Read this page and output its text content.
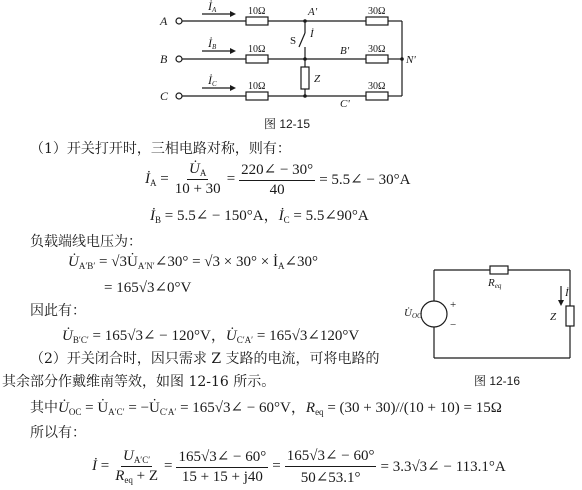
A
B
C
İA
İB
İC
10Ω
10Ω
10Ω
30Ω
30Ω
30Ω
A'
B'
C'
N'
S
İ
Z
图 12-15
（1）开关打开时，三相电路对称，则有：
$İ_A = \frac{U̇_A}{10 + 30} = \frac{220\angle - 30^\circ}{40}$ = 5.5∠ − 30°A
$İ_B$ = 5.5∠ − 150°A，$İ_C$ = 5.5∠90°A
负载端线电压为：
$U̇_{A'B'}$ = $√3U̇_{A'N'}\angle 30^\circ = √3 \times 30^\circ$ × $İ_A\angle 30^\circ$
= 165√3∠0°V
因此有：
$U̇_{B'C'}$ = 165√3∠ − 120°V，$U̇_{C'A'}$ = 165√3∠120°V
（2）开关闭合时，因只需求 Z 支路的电流，可将电路的
其余部分作戴维南等效，如图 12-16 所示。
其中$U̇_{OC}$ = $U̇_{A'C'}$ = $-U̇_{C'A'}$ = 165√3∠ − 60°V，$R_{eq} = (30 + 30)//(10 + 10) = 15\Omega$
所以有：
İ = $\frac{U_{A'C'}}{R_{eq} + Z} = \frac{165√3\angle - 60^\circ}{15 + 15 + j40} = \frac{165√3\angle - 60^\circ}{50\angle 53.1^\circ}$ = 3.3√3∠ − 113.1°A
Req
+
−
U̇OC	Z
İ
图 12-16
